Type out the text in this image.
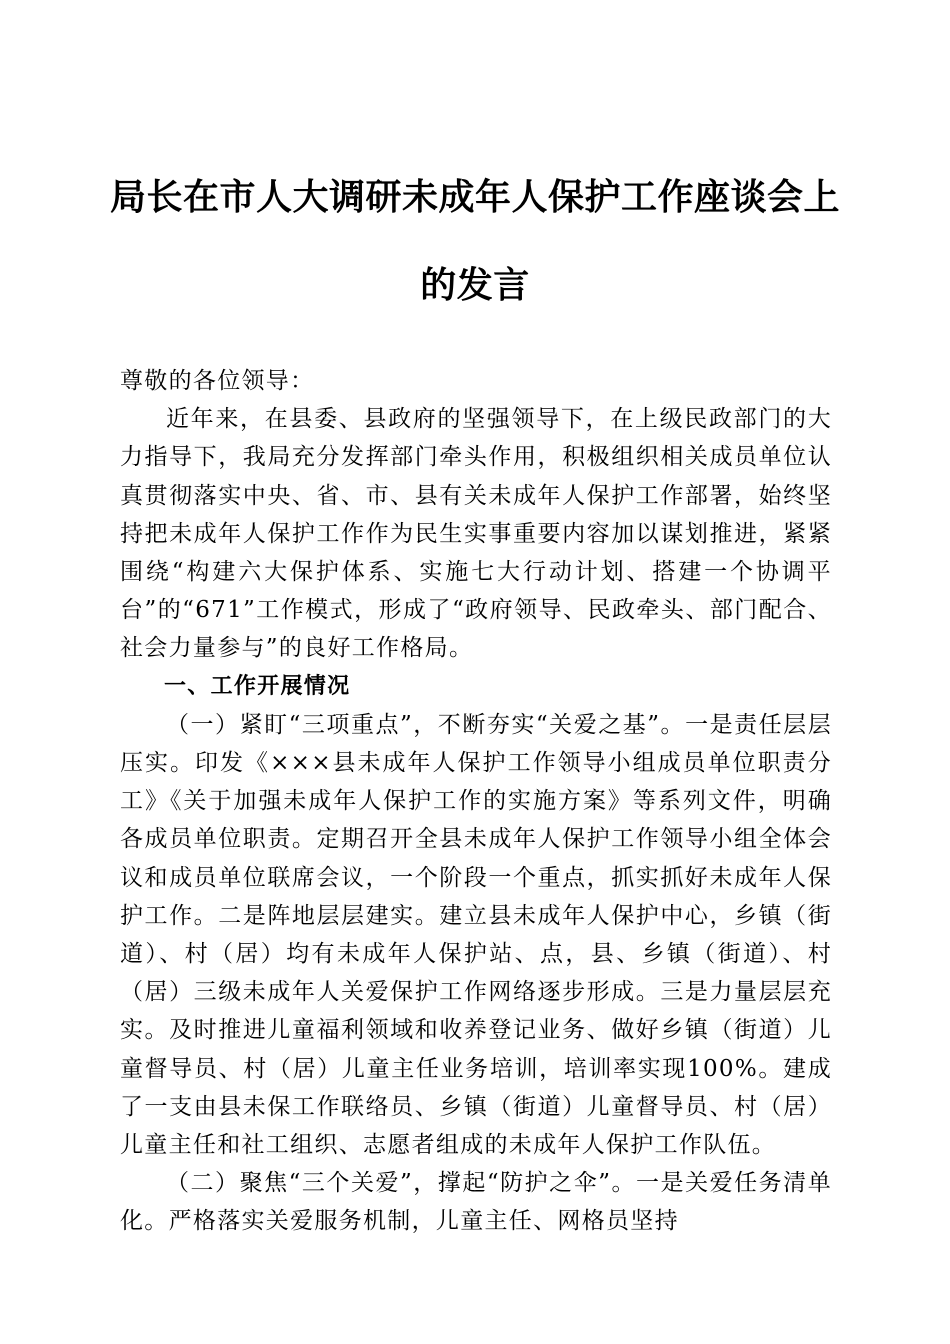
局长在市人大调研未成年人保护工作座谈会上
的发言

尊敬的各位领导：

近年来，在县委、县政府的坚强领导下，在上级民政部门的大力指导下，我局充分发挥部门牵头作用，积极组织相关成员单位认真贯彻落实中央、省、市、县有关未成年人保护工作部署，始终坚持把未成年人保护工作作为民生实事重要内容加以谋划推进，紧紧围绕“构建六大保护体系、实施七大行动计划、搭建一个协调平台”的“671”工作模式，形成了“政府领导、民政牵头、部门配合、社会力量参与”的良好工作格局。

一、工作开展情况

（一）紧盯“三项重点”，不断夯实“关爱之基”。一是责任层层压实。印发《×××县未成年人保护工作领导小组成员单位职责分工》《关于加强未成年人保护工作的实施方案》等系列文件，明确各成员单位职责。定期召开全县未成年人保护工作领导小组全体会议和成员单位联席会议，一个阶段一个重点，抓实抓好未成年人保护工作。二是阵地层层建实。建立县未成年人保护中心，乡镇（街道）、村（居）均有未成年人保护站、点，县、乡镇（街道）、村（居）三级未成年人关爱保护工作网络逐步形成。三是力量层层充实。及时推进儿童福利领域和收养登记业务、做好乡镇（街道）儿童督导员、村（居）儿童主任业务培训，培训率实现100%。建成了一支由县未保工作联络员、乡镇（街道）儿童督导员、村（居）儿童主任和社工组织、志愿者组成的未成年人保护工作队伍。

（二）聚焦“三个关爱”，撑起“防护之伞”。一是关爱任务清单化。严格落实关爱服务机制，儿童主任、网格员坚持
